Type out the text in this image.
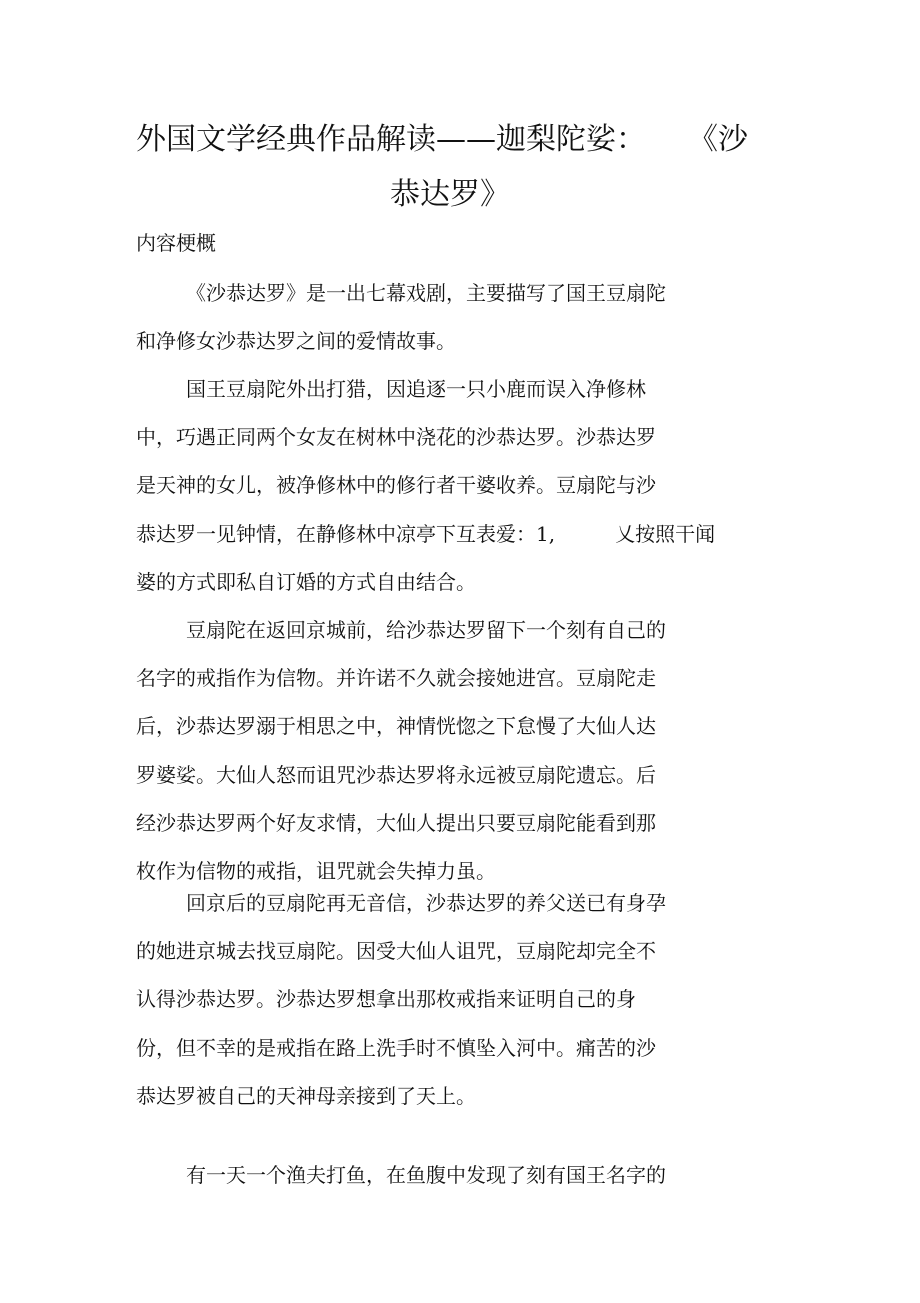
外国文学经典作品解读——迦梨陀娑： 《沙
恭达罗》
内容梗概
《沙恭达罗》是一出七幕戏剧，主要描写了国王豆扇陀
和净修女沙恭达罗之间的爱情故事。
国王豆扇陀外出打猎，因追逐一只小鹿而误入净修林
中，巧遇正同两个女友在树林中浇花的沙恭达罗。沙恭达罗
是天神的女儿，被净修林中的修行者干婆收养。豆扇陀与沙
恭达罗一见钟情，在静修林中凉亭下互表爱：1,　　　乂按照干闻
婆的方式即私自订婚的方式自由结合。
豆扇陀在返回京城前，给沙恭达罗留下一个刻有自己的
名字的戒指作为信物。并许诺不久就会接她进宫。豆扇陀走
后，沙恭达罗溺于相思之中，神情恍惚之下怠慢了大仙人达
罗婆娑。大仙人怒而诅咒沙恭达罗将永远被豆扇陀遗忘。后
经沙恭达罗两个好友求情，大仙人提出只要豆扇陀能看到那
枚作为信物的戒指，诅咒就会失掉力虽。
回京后的豆扇陀再无音信，沙恭达罗的养父送已有身孕
的她进京城去找豆扇陀。因受大仙人诅咒，豆扇陀却完全不
认得沙恭达罗。沙恭达罗想拿出那枚戒指来证明自己的身
份，但不幸的是戒指在路上洗手时不慎坠入河中。痛苦的沙
恭达罗被自己的天神母亲接到了天上。
有一天一个渔夫打鱼，在鱼腹中发现了刻有国王名字的
